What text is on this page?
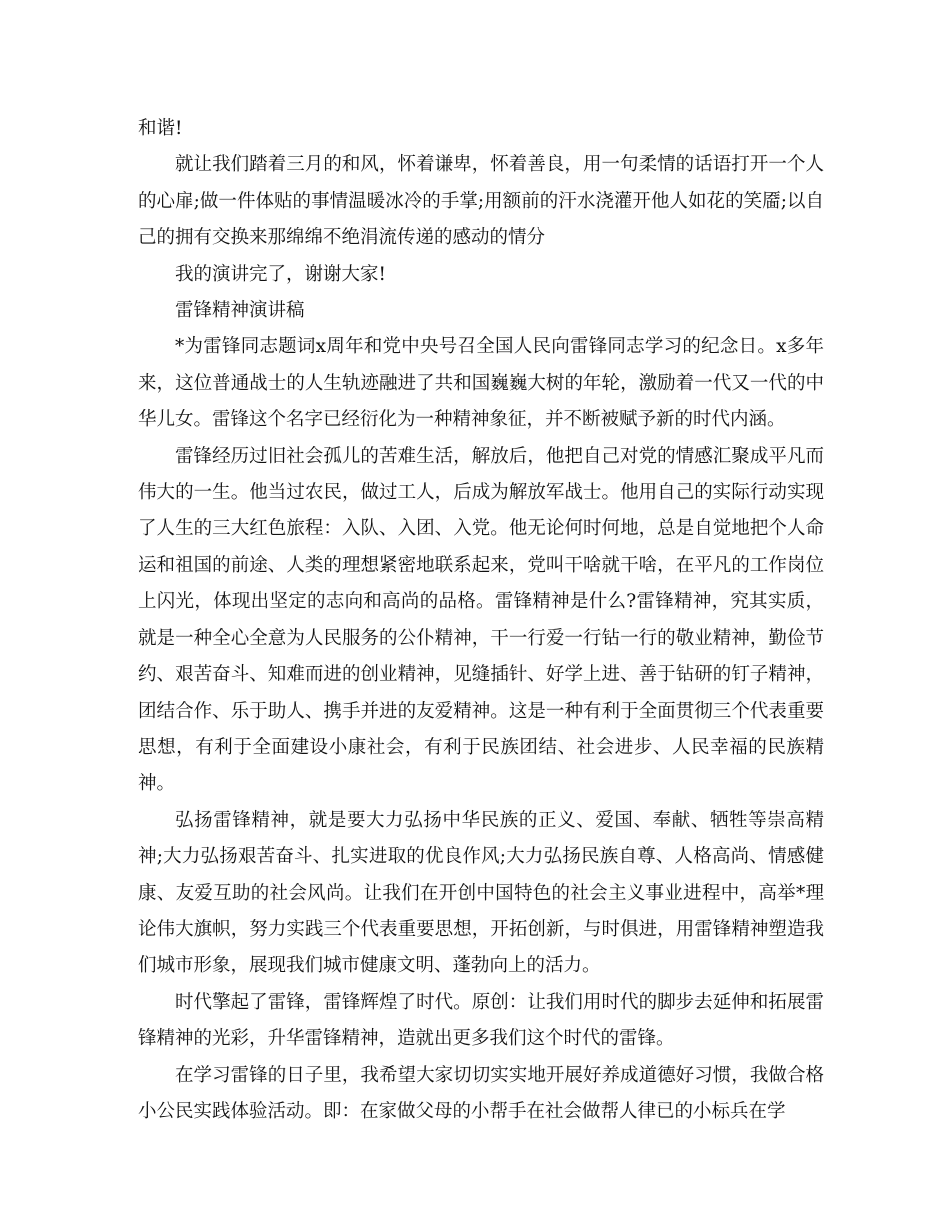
和谐!

就让我们踏着三月的和风，怀着谦卑，怀着善良，用一句柔情的话语打开一个人的心扉;做一件体贴的事情温暖冰冷的手掌;用额前的汗水浇灌开他人如花的笑靥;以自己的拥有交换来那绵绵不绝涓流传递的感动的情分

我的演讲完了，谢谢大家!

雷锋精神演讲稿

*为雷锋同志题词x周年和党中央号召全国人民向雷锋同志学习的纪念日。x多年来，这位普通战士的人生轨迹融进了共和国巍巍大树的年轮，激励着一代又一代的中华儿女。雷锋这个名字已经衍化为一种精神象征，并不断被赋予新的时代内涵。

雷锋经历过旧社会孤儿的苦难生活，解放后，他把自己对党的情感汇聚成平凡而伟大的一生。他当过农民，做过工人，后成为解放军战士。他用自己的实际行动实现了人生的三大红色旅程：入队、入团、入党。他无论何时何地，总是自觉地把个人命运和祖国的前途、人类的理想紧密地联系起来，党叫干啥就干啥，在平凡的工作岗位上闪光，体现出坚定的志向和高尚的品格。雷锋精神是什么?雷锋精神，究其实质，就是一种全心全意为人民服务的公仆精神，干一行爱一行钻一行的敬业精神，勤俭节约、艰苦奋斗、知难而进的创业精神，见缝插针、好学上进、善于钻研的钉子精神，团结合作、乐于助人、携手并进的友爱精神。这是一种有利于全面贯彻三个代表重要思想，有利于全面建设小康社会，有利于民族团结、社会进步、人民幸福的民族精神。

弘扬雷锋精神，就是要大力弘扬中华民族的正义、爱国、奉献、牺牲等崇高精神;大力弘扬艰苦奋斗、扎实进取的优良作风;大力弘扬民族自尊、人格高尚、情感健康、友爱互助的社会风尚。让我们在开创中国特色的社会主义事业进程中，高举*理论伟大旗帜，努力实践三个代表重要思想，开拓创新，与时俱进，用雷锋精神塑造我们城市形象，展现我们城市健康文明、蓬勃向上的活力。

时代擎起了雷锋，雷锋辉煌了时代。原创：让我们用时代的脚步去延伸和拓展雷锋精神的光彩，升华雷锋精神，造就出更多我们这个时代的雷锋。

在学习雷锋的日子里，我希望大家切切实实地开展好养成道德好习惯，我做合格小公民实践体验活动。即：在家做父母的小帮手在社会做帮人律已的小标兵在学
